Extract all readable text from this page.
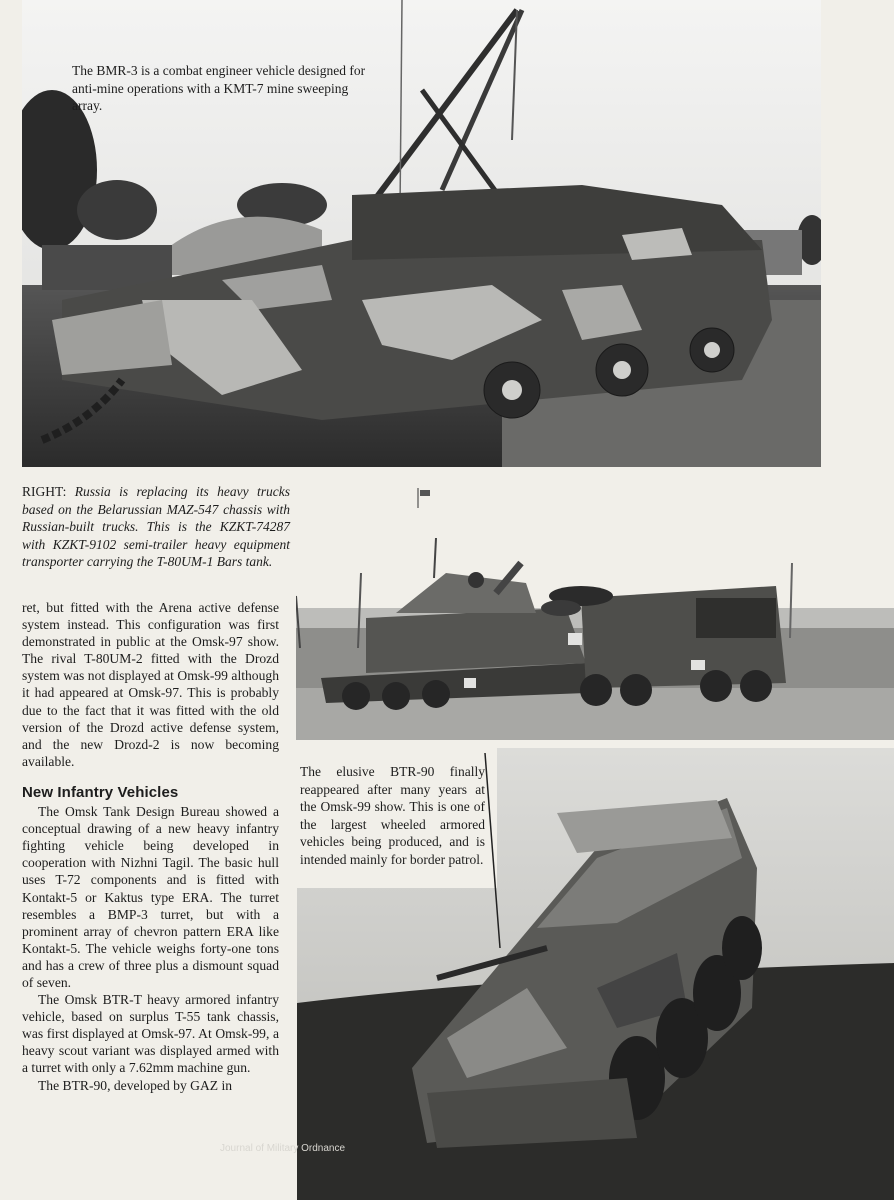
The BMR-3 is a combat engineer vehicle designed for anti-mine operations with a KMT-7 mine sweeping array.
RIGHT: Russia is replacing its heavy trucks based on the Belarussian MAZ-547 chassis with Russian-built trucks. This is the KZKT-74287 with KZKT-9102 semi-trailer heavy equipment transporter carrying the T-80UM-1 Bars tank.
The elusive BTR-90 finally reappeared after many years at the Omsk-99 show. This is one of the largest wheeled armored vehicles being produced, and is intended mainly for border patrol.

ret, but fitted with the Arena active defense system instead. This configuration was first demonstrated in public at the Omsk-97 show. The rival T-80UM-2 fitted with the Drozd system was not displayed at Omsk-99 although it had appeared at Omsk-97. This is probably due to the fact that it was fitted with the old version of the Drozd active defense system, and the new Drozd-2 is now becoming available.

New Infantry Vehicles

The Omsk Tank Design Bureau showed a conceptual drawing of a new heavy infantry fighting vehicle being developed in cooperation with Nizhni Tagil. The basic hull uses T-72 components and is fitted with Kontakt-5 or Kaktus type ERA. The turret resembles a BMP-3 turret, but with a prominent array of chevron pattern ERA like Kontakt-5. The vehicle weighs forty-one tons and has a crew of three plus a dismount squad of seven.

The Omsk BTR-T heavy armored infantry vehicle, based on surplus T-55 tank chassis, was first displayed at Omsk-97. At Omsk-99, a heavy scout variant was displayed armed with a turret with only a 7.62mm machine gun.

The BTR-90, developed by GAZ in

Journal of Military Ordnance
